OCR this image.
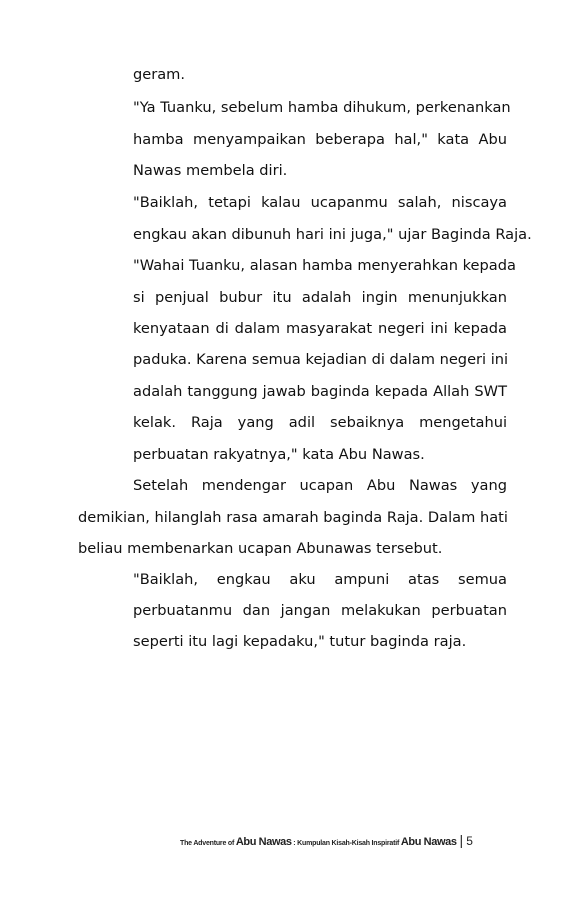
geram.
"Ya Tuanku, sebelum hamba dihukum, perkenankan
hamba menyampaikan beberapa hal," kata Abu
Nawas membela diri.
"Baiklah, tetapi kalau ucapanmu salah, niscaya
engkau akan dibunuh hari ini juga," ujar Baginda Raja.
"Wahai Tuanku, alasan hamba menyerahkan kepada
si penjual bubur itu adalah ingin menunjukkan
kenyataan di dalam masyarakat negeri ini kepada
paduka. Karena semua kejadian di dalam negeri ini
adalah tanggung jawab baginda kepada Allah SWT
kelak. Raja yang adil sebaiknya mengetahui
perbuatan rakyatnya," kata Abu Nawas.
Setelah mendengar ucapan Abu Nawas yang
demikian, hilanglah rasa amarah baginda Raja. Dalam hati
beliau membenarkan ucapan Abunawas tersebut.
"Baiklah, engkau aku ampuni atas semua
perbuatanmu dan jangan melakukan perbuatan
seperti itu lagi kepadaku," tutur baginda raja.
The Adventure of Abu Nawas : Kumpulan Kisah-Kisah Inspiratif Abu Nawas | 5
